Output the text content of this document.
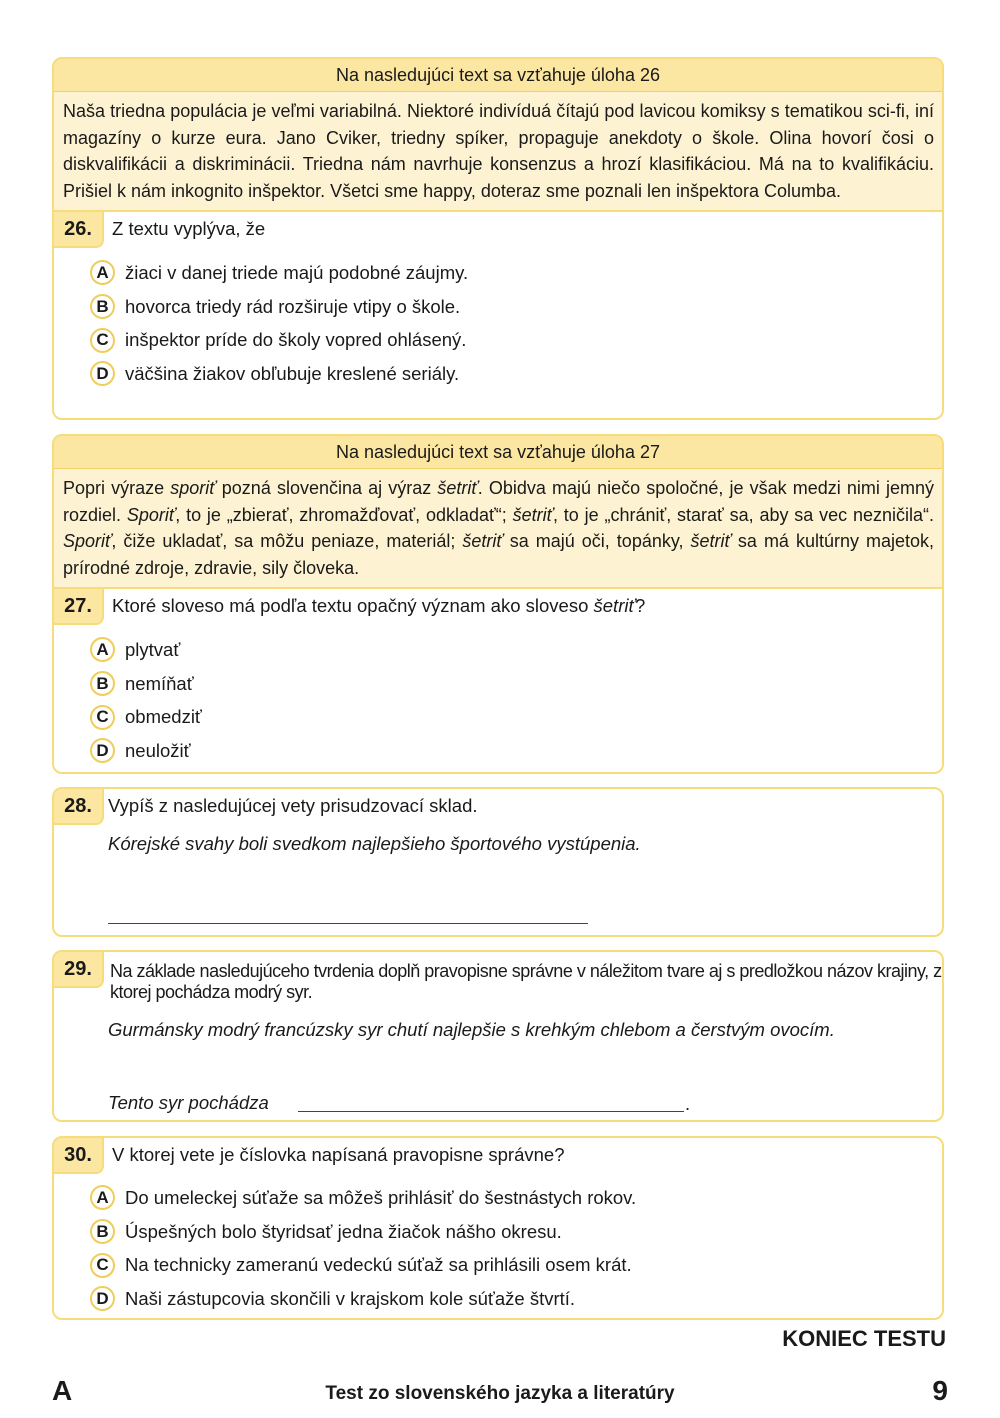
Na nasledujúci text sa vzťahuje úloha 26
Naša triedna populácia je veľmi variabilná. Niektoré indivíduá čítajú pod lavicou komiksy s tematikou sci-fi, iní magazíny o kurze eura. Jano Cviker, triedny spíker, propaguje anekdoty o škole. Olina hovorí čosi o diskvalifikácii a diskriminácii. Triedna nám navrhuje konsenzus a hrozí klasifikáciou. Má na to kvalifikáciu. Prišiel k nám inkognito inšpektor. Všetci sme happy, doteraz sme poznali len inšpektora Columba.
26.	Z textu vyplýva, že
A žiaci v danej triede majú podobné záujmy.
B hovorca triedy rád rozširuje vtipy o škole.
C inšpektor príde do školy vopred ohlásený.
D väčšina žiakov obľubuje kreslené seriály.
Na nasledujúci text sa vzťahuje úloha 27
Popri výraze sporiť pozná slovenčina aj výraz šetriť. Obidva majú niečo spoločné, je však medzi nimi jemný rozdiel. Sporiť, to je „zbierať, zhromažďovať, odkladať“; šetriť, to je „chrániť, starať sa, aby sa vec nezničila“. Sporiť, čiže ukladať, sa môžu peniaze, materiál; šetriť sa majú oči, topánky, šetriť sa má kultúrny majetok, prírodné zdroje, zdravie, sily človeka.
27.	Ktoré sloveso má podľa textu opačný význam ako sloveso šetriť?
A plytvať
B nemíňať
C obmedziť
D neuložiť
28. Vypíš z nasledujúcej vety prisudzovací sklad.
Kórejské svahy boli svedkom najlepšieho športového vystúpenia.
29.	Na základe nasledujúceho tvrdenia doplň pravopisne správne v náležitom tvare aj s predložkou názov krajiny, z ktorej pochádza modrý syr.
Gurmánsky modrý francúzsky syr chutí najlepšie s krehkým chlebom a čerstvým ovocím.
Tento syr pochádza	.
30.	V ktorej vete je číslovka napísaná pravopisne správne?
A Do umeleckej súťaže sa môžeš prihlásiť do šestnástych rokov.
B Úspešných bolo štyridsať jedna žiačok nášho okresu.
C Na technicky zameranú vedeckú súťaž sa prihlásili osem krát.
D Naši zástupcovia skončili v krajskom kole súťaže štvrtí.
KONIEC TESTU
A	Test zo slovenského jazyka a literatúry	9
